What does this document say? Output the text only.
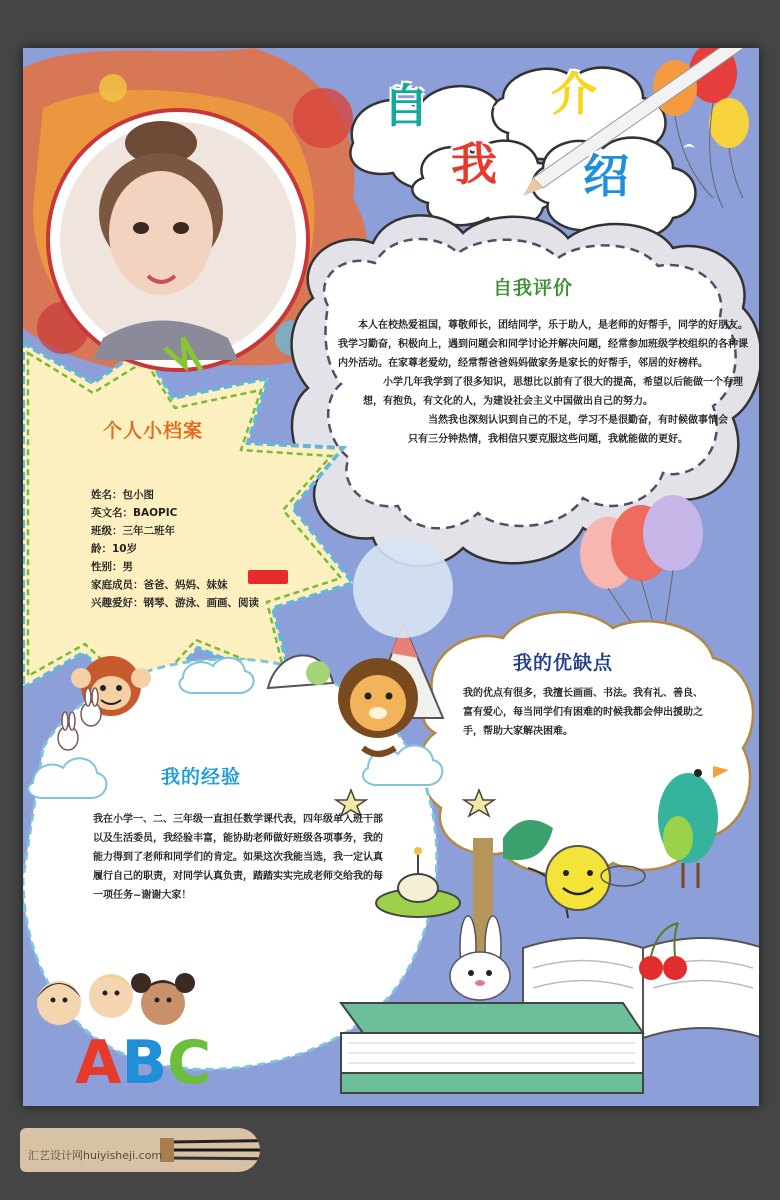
自
我
介
绍
自我评价

本人在校热爱祖国，尊敬师长，团结同学，乐于助人，是老师的好帮手，同学的好朋友。我学习勤奋，积极向上，遇到问题会和同学讨论并解决问题，经常参加班级学校组织的各种课内外活动。在家尊老爱幼，经常帮爸爸妈妈做家务是家长的好帮手，邻居的好榜样。

小学几年我学到了很多知识，思想比以前有了很大的提高，希望以后能做一个有理想，有抱负，有文化的人，为建设社会主义中国做出自己的努力。

当然我也深刻认识到自己的不足，学习不是很勤奋，有时候做事情会只有三分钟热情，我相信只要克服这些问题，我就能做的更好。

个人小档案
姓名：包小图
英文名：BAOPIC
班级：三年二班年
龄：10岁
性别：男
家庭成员：爸爸、妈妈、妹妹
兴趣爱好：钢琴、游泳、画画、阅读
我的优缺点
我的优点有很多，我擅长画画、书法。我有礼、善良、富有爱心，每当同学们有困难的时候我都会伸出援助之手，帮助大家解决困难。
我的经验
我在小学一、二、三年级一直担任数学课代表，四年级单入班干部以及生活委员，我经验丰富，能协助老师做好班级各项事务，我的能力得到了老师和同学们的肯定。如果这次我能当选，我一定认真履行自己的职责，对同学认真负责，踏踏实实完成老师交给我的每一项任务~谢谢大家！
ABC
汇艺设计网huiyisheji.com
